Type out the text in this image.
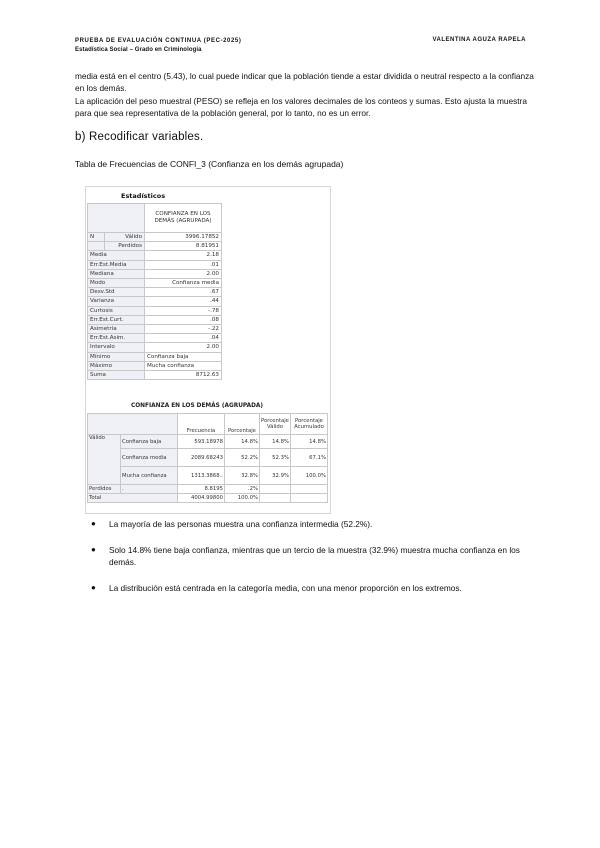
PRUEBA DE EVALUACIÓN CONTINUA (PEC-2025)
Estadística Social – Grado en Criminología
VALENTINA AGUZA RAPELA
media está en el centro (5.43), lo cual puede indicar que la población tiende a estar dividida o neutral respecto a la confianza en los demás.
La aplicación del peso muestral (PESO) se refleja en los valores decimales de los conteos y sumas. Esto ajusta la muestra para que sea representativa de la población general, por lo tanto, no es un error.
b) Recodificar variables.
Tabla de Frecuencias de CONFI_3 (Confianza en los demás agrupada)
Estadísticos
		CONFIANZA EN LOS DEMÁS (AGRUPADA)
N	Válido	3996.17852
	Perdidos	8.81951
Media		2.18
Err.Est.Media		.01
Mediana		2.00
Modo		Confianza media
Desv.Std		.67
Varianza		.44
Curtosis		-.78
Err.Est.Curt.		.08
Asimetría		-.22
Err.Est.Asim.		.04
Intervalo		2.00
Mínimo		Confianza baja
Máximo		Mucha confianza
Suma		8712.63
CONFIANZA EN LOS DEMÁS (AGRUPADA)
		Frecuencia	Porcentaje	Porcentaje Válido	Porcentaje Acumulado
Válido	Confianza baja	593.18978	14.8%	14.8%	14.8%
	Confianza media	2089.68243	52.2%	52.3%	67.1%
	Mucha confianza	1313.3868..	32.8%	32.9%	100.0%
Perdidos	.	8.8195	.2%		
Total		4004.99800	100.0%		
● La mayoría de las personas muestra una confianza intermedia (52.2%).
● Solo 14.8% tiene baja confianza, mientras que un tercio de la muestra (32.9%) muestra mucha confianza en los demás.
● La distribución está centrada en la categoría media, con una menor proporción en los extremos.
